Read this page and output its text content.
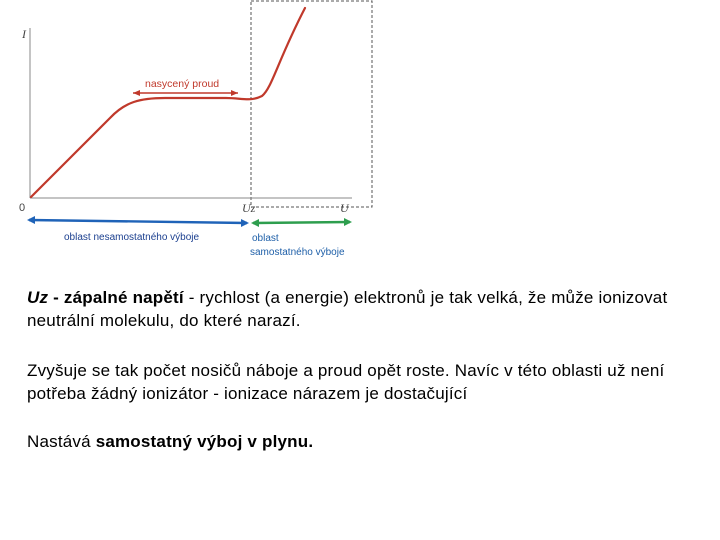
I
0	Uz	U
nasycený proud
oblast nesamostatného výboje	oblast
samostatného výboje

Uz - zápalné napětí - rychlost (a energie) elektronů je tak velká, že může ionizovat neutrální molekulu, do které narazí.

Zvyšuje se tak počet nosičů náboje a proud opět roste. Navíc v této oblasti už není potřeba žádný ionizátor - ionizace nárazem je dostačující

Nastává samostatný výboj v plynu.
